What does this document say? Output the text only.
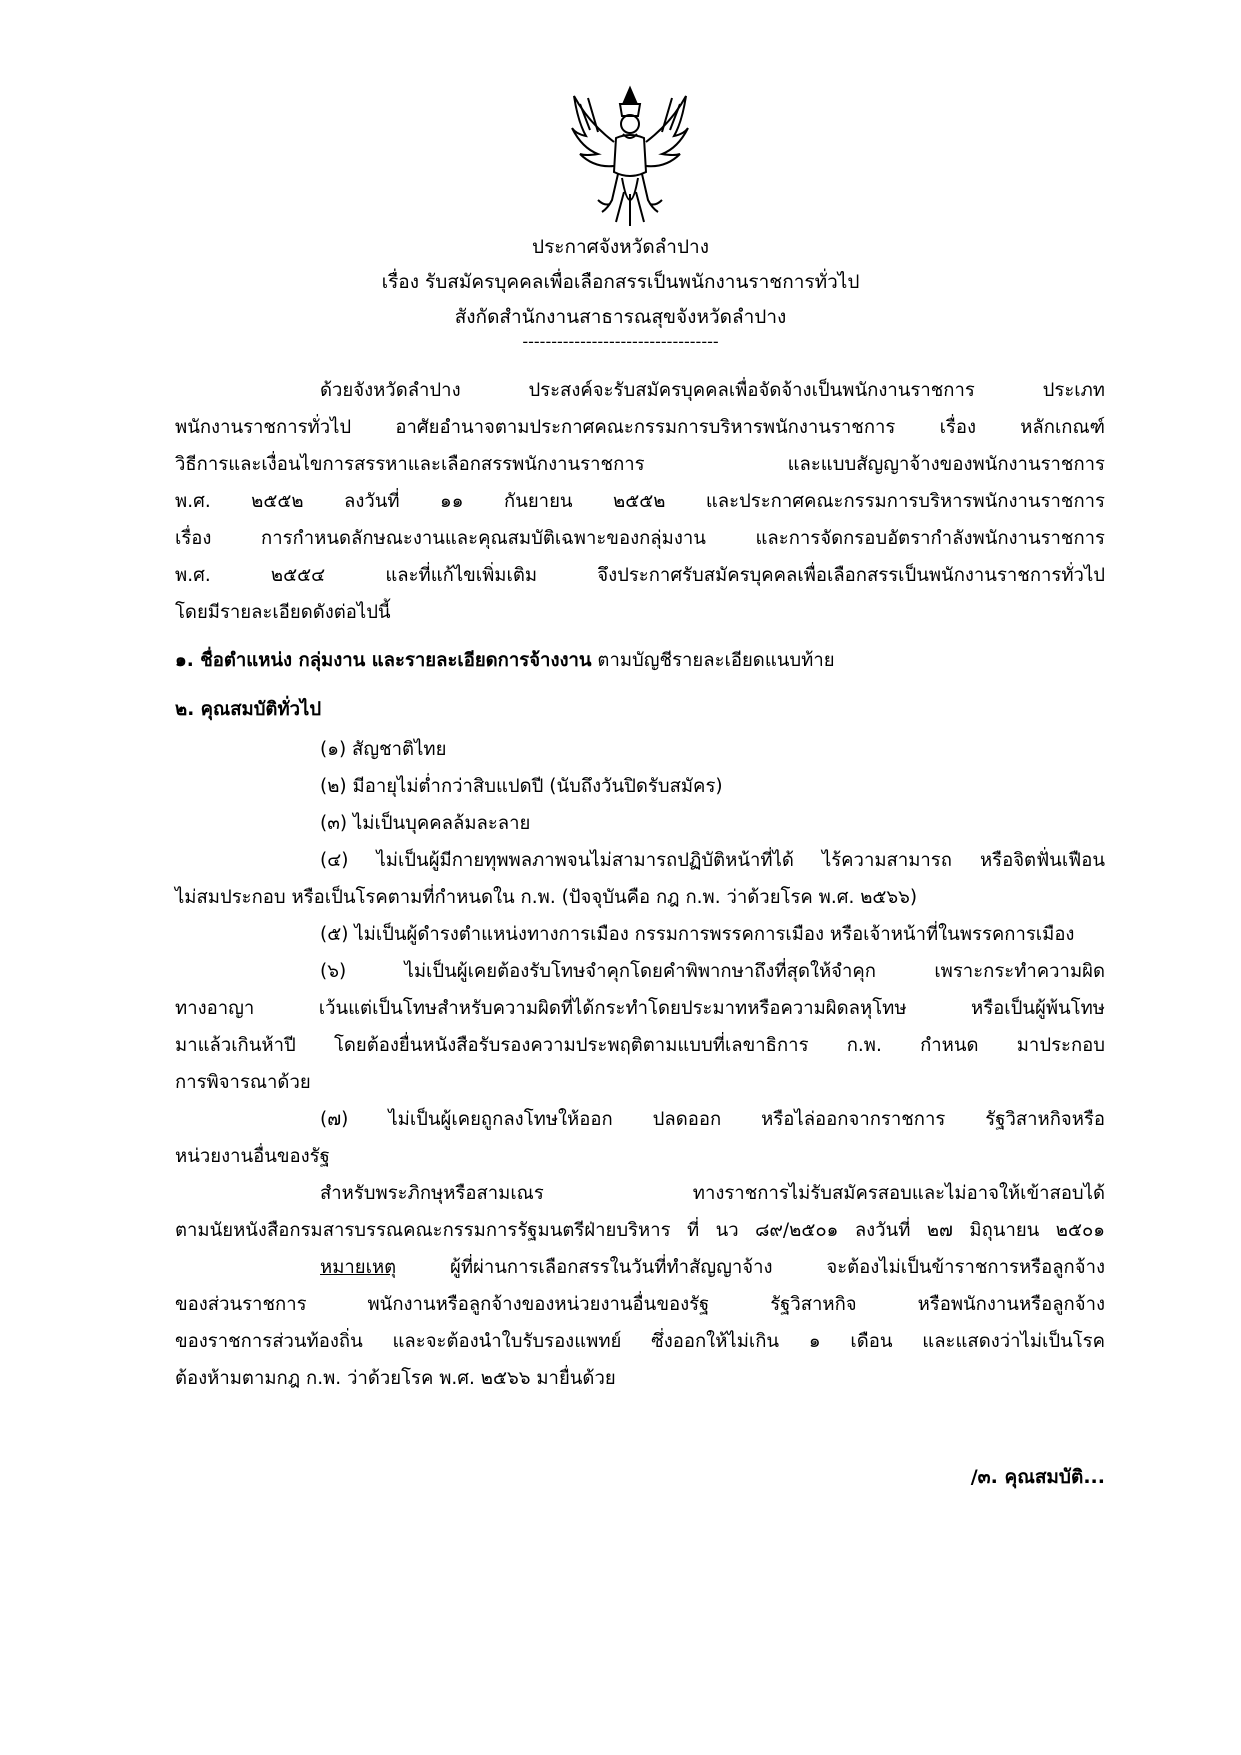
ประกาศจังหวัดลำปาง
เรื่อง รับสมัครบุคคลเพื่อเลือกสรรเป็นพนักงานราชการทั่วไป
สังกัดสำนักงานสาธารณสุขจังหวัดลำปาง
----------------------------------
ด้วยจังหวัดลำปาง ประสงค์จะรับสมัครบุคคลเพื่อจัดจ้างเป็นพนักงานราชการ ประเภท
พนักงานราชการทั่วไป อาศัยอำนาจตามประกาศคณะกรรมการบริหารพนักงานราชการ เรื่อง หลักเกณฑ์
วิธีการและเงื่อนไขการสรรหาและเลือกสรรพนักงานราชการ และแบบสัญญาจ้างของพนักงานราชการ
พ.ศ. ๒๕๕๒ ลงวันที่ ๑๑ กันยายน ๒๕๕๒ และประกาศคณะกรรมการบริหารพนักงานราชการ
เรื่อง การกำหนดลักษณะงานและคุณสมบัติเฉพาะของกลุ่มงาน และการจัดกรอบอัตรากำลังพนักงานราชการ
พ.ศ. ๒๕๕๔ และที่แก้ไขเพิ่มเติม จึงประกาศรับสมัครบุคคลเพื่อเลือกสรรเป็นพนักงานราชการทั่วไป
โดยมีรายละเอียดดังต่อไปนี้
๑. ชื่อตำแหน่ง กลุ่มงาน และรายละเอียดการจ้างงาน ตามบัญชีรายละเอียดแนบท้าย
๒. คุณสมบัติทั่วไป
(๑) สัญชาติไทย
(๒) มีอายุไม่ต่ำกว่าสิบแปดปี (นับถึงวันปิดรับสมัคร)
(๓) ไม่เป็นบุคคลล้มละลาย
(๔) ไม่เป็นผู้มีกายทุพพลภาพจนไม่สามารถปฏิบัติหน้าที่ได้ ไร้ความสามารถ หรือจิตฟั่นเฟือน
ไม่สมประกอบ หรือเป็นโรคตามที่กำหนดใน ก.พ. (ปัจจุบันคือ กฎ ก.พ. ว่าด้วยโรค พ.ศ. ๒๕๖๖)
(๕) ไม่เป็นผู้ดำรงตำแหน่งทางการเมือง กรรมการพรรคการเมือง หรือเจ้าหน้าที่ในพรรคการเมือง
(๖) ไม่เป็นผู้เคยต้องรับโทษจำคุกโดยคำพิพากษาถึงที่สุดให้จำคุก เพราะกระทำความผิด
ทางอาญา เว้นแต่เป็นโทษสำหรับความผิดที่ได้กระทำโดยประมาทหรือความผิดลหุโทษ หรือเป็นผู้พ้นโทษ
มาแล้วเกินห้าปี โดยต้องยื่นหนังสือรับรองความประพฤติตามแบบที่เลขาธิการ ก.พ. กำหนด มาประกอบ
การพิจารณาด้วย
(๗) ไม่เป็นผู้เคยถูกลงโทษให้ออก ปลดออก หรือไล่ออกจากราชการ รัฐวิสาหกิจหรือ
หน่วยงานอื่นของรัฐ
สำหรับพระภิกษุหรือสามเณร ทางราชการไม่รับสมัครสอบและไม่อาจให้เข้าสอบได้
ตามนัยหนังสือกรมสารบรรณคณะกรรมการรัฐมนตรีฝ่ายบริหาร ที่ นว ๘๙/๒๕๐๑ ลงวันที่ ๒๗ มิถุนายน ๒๕๐๑
หมายเหตุ ผู้ที่ผ่านการเลือกสรรในวันที่ทำสัญญาจ้าง จะต้องไม่เป็นข้าราชการหรือลูกจ้าง
ของส่วนราชการ พนักงานหรือลูกจ้างของหน่วยงานอื่นของรัฐ รัฐวิสาหกิจ หรือพนักงานหรือลูกจ้าง
ของราชการส่วนท้องถิ่น และจะต้องนำใบรับรองแพทย์ ซึ่งออกให้ไม่เกิน ๑ เดือน และแสดงว่าไม่เป็นโรค
ต้องห้ามตามกฎ ก.พ. ว่าด้วยโรค พ.ศ. ๒๕๖๖ มายื่นด้วย
/๓. คุณสมบัติ...
